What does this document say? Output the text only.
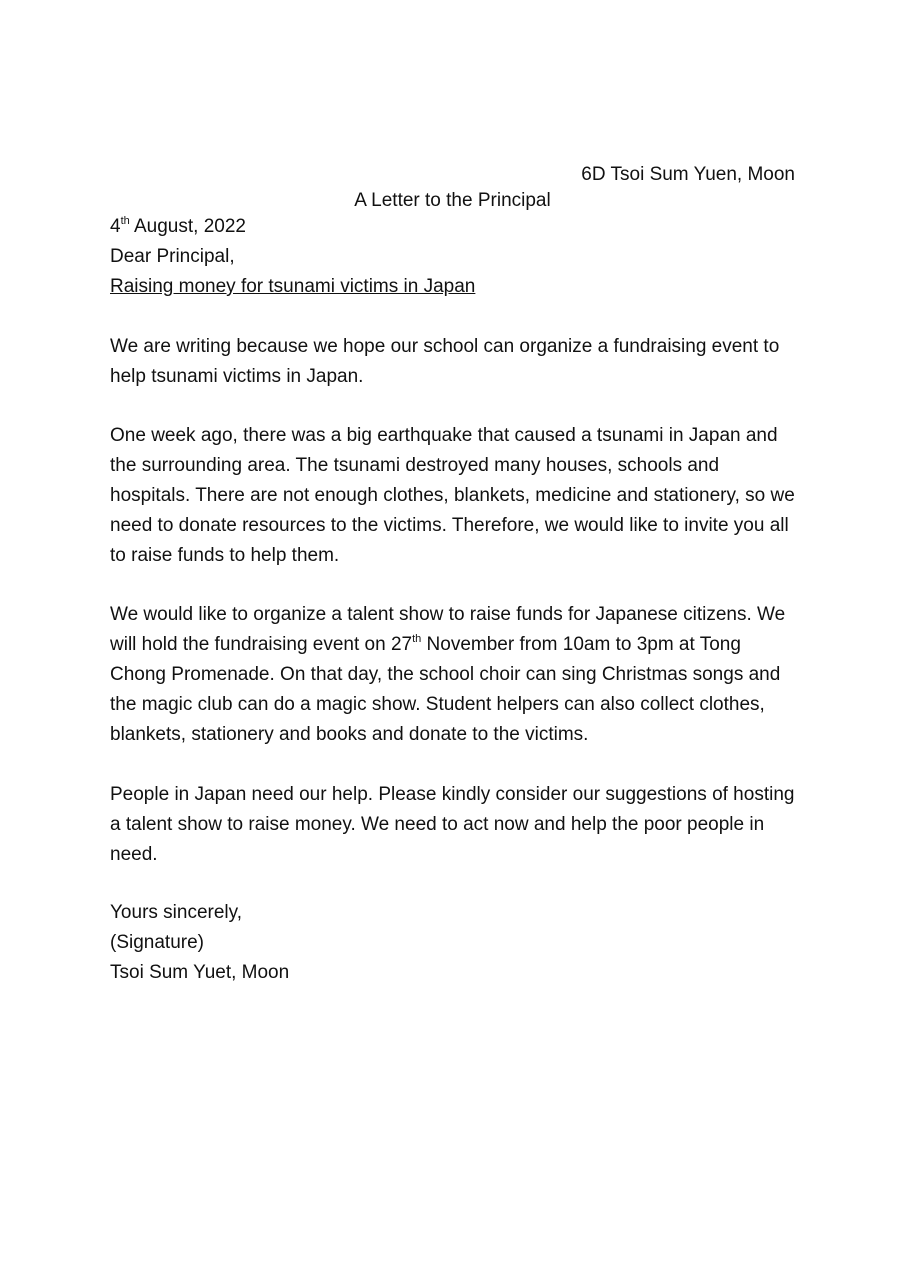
6D Tsoi Sum Yuen, Moon
A Letter to the Principal
4th August, 2022
Dear Principal,
Raising money for tsunami victims in Japan

We are writing because we hope our school can organize a fundraising event to help tsunami victims in Japan.

One week ago, there was a big earthquake that caused a tsunami in Japan and the surrounding area. The tsunami destroyed many houses, schools and hospitals. There are not enough clothes, blankets, medicine and stationery, so we need to donate resources to the victims. Therefore, we would like to invite you all to raise funds to help them.

We would like to organize a talent show to raise funds for Japanese citizens. We will hold the fundraising event on 27th November from 10am to 3pm at Tong Chong Promenade. On that day, the school choir can sing Christmas songs and the magic club can do a magic show. Student helpers can also collect clothes, blankets, stationery and books and donate to the victims.

People in Japan need our help. Please kindly consider our suggestions of hosting a talent show to raise money. We need to act now and help the poor people in need.

Yours sincerely,
(Signature)
Tsoi Sum Yuet, Moon
